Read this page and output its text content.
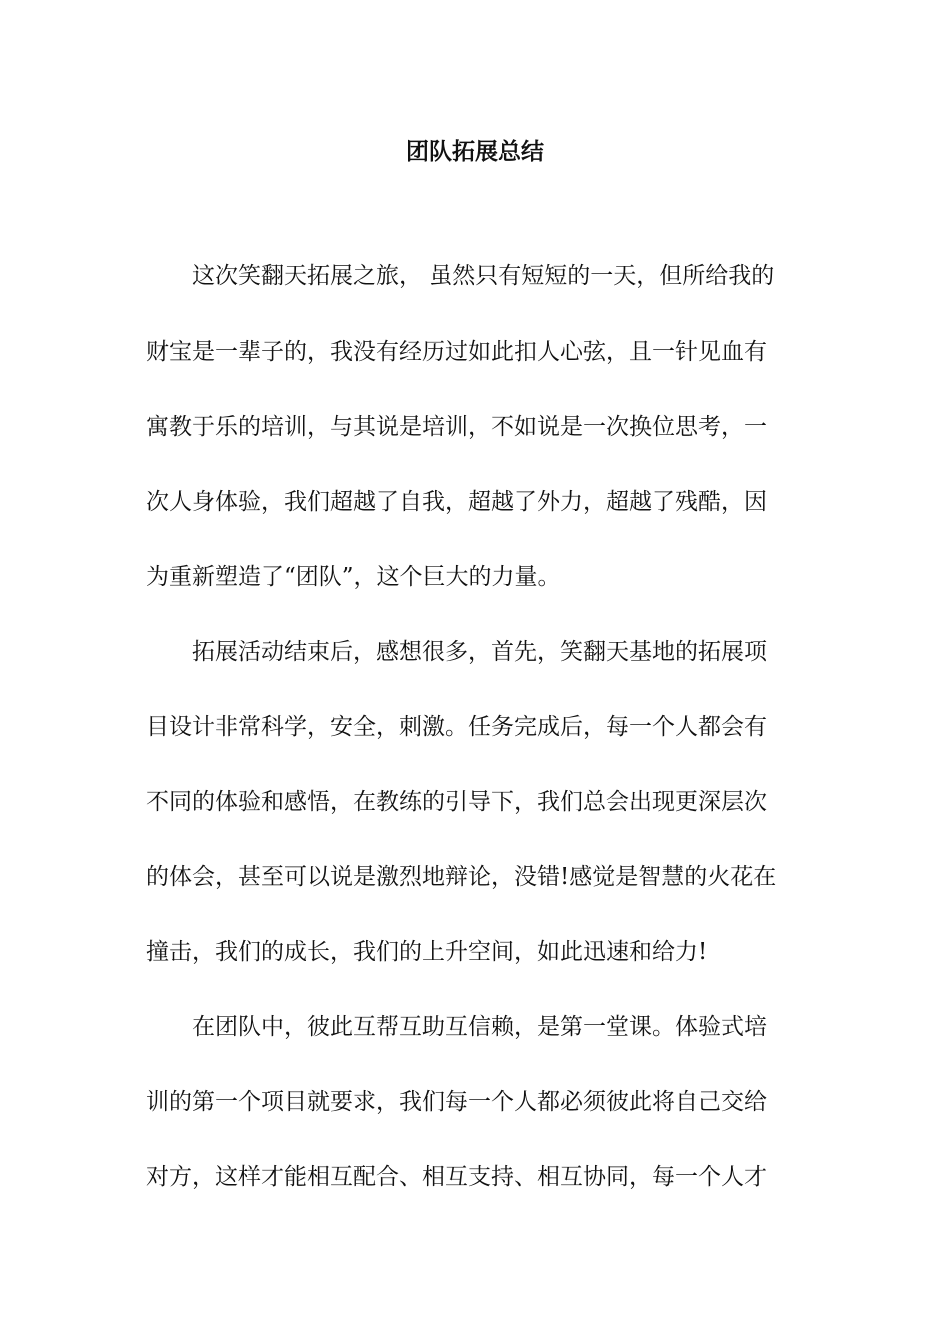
团队拓展总结

这次笑翻天拓展之旅， 虽然只有短短的一天，但所给我的

财宝是一辈子的，我没有经历过如此扣人心弦，且一针见血有

寓教于乐的培训，与其说是培训，不如说是一次换位思考，一

次人身体验，我们超越了自我，超越了外力，超越了残酷，因

为重新塑造了“团队”，这个巨大的力量。

拓展活动结束后，感想很多，首先，笑翻天基地的拓展项

目设计非常科学，安全，刺激。任务完成后，每一个人都会有

不同的体验和感悟，在教练的引导下，我们总会出现更深层次

的体会，甚至可以说是激烈地辩论，没错!感觉是智慧的火花在

撞击，我们的成长，我们的上升空间，如此迅速和给力!

在团队中，彼此互帮互助互信赖，是第一堂课。体验式培

训的第一个项目就要求，我们每一个人都必须彼此将自己交给

对方，这样才能相互配合、相互支持、相互协同，每一个人才
